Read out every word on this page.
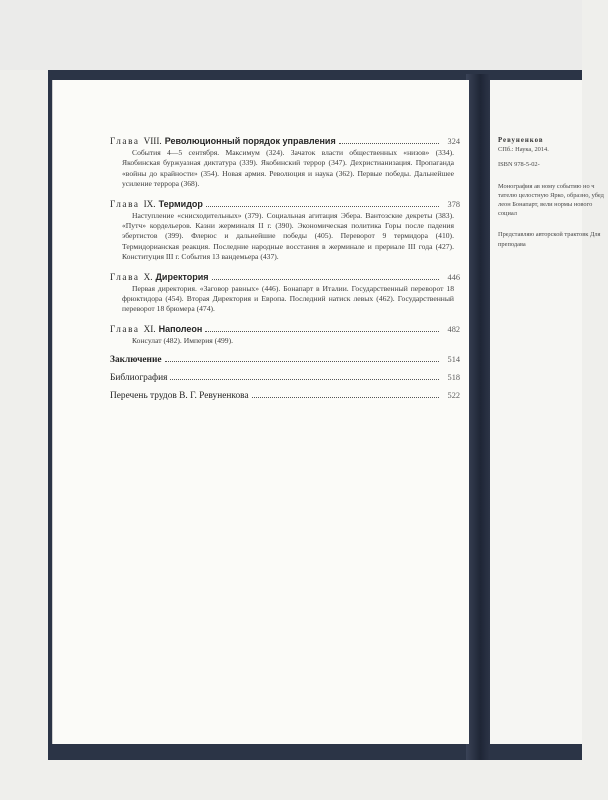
Глава VIII. Революционный порядок управления	324
События 4—5 сентября. Максимум (324). Зачаток власти общественных «низов» (334). Якобинская буржуазная диктатура (339). Якобинский террор (347). Дехристианизация. Пропаганда «войны до крайности» (354). Новая армия. Революция и наука (362). Первые победы. Дальнейшее усиление террора (368).
Глава IX. Термидор	378
Наступление «снисходительных» (379). Социальная агитация Эбера. Вантозские декреты (383). «Путч» кордельеров. Казни жерминаля II г. (390). Экономическая политика Горы после падения эбертистов (399). Флерюс и дальнейшие победы (405). Переворот 9 термидора (410). Термидорианская реакция. Последние народные восстания в жерминале и прериале III года (427). Конституция III г. События 13 вандемьера (437).
Глава X. Директория	446
Первая директория. «Заговор равных» (446). Бонапарт в Италии. Государственный переворот 18 фрюктидора (454). Вторая Директория и Европа. Последний натиск левых (462). Государственный переворот 18 брюмера (474).
Глава XI. Наполеон	482
Консулат (482). Империя (499).
Заключение	514
Библиография	518
Перечень трудов В. Г. Ревуненкова	522
Ревуненков
СПб.: Наука, 2014.
ISBN 978-5-02-
Монография ав ному событию но ч тателю целостную Ярко, образно, убед леон Бонапарт, вели нормы нового социал
Представляю авторской трактовк Для преподава
